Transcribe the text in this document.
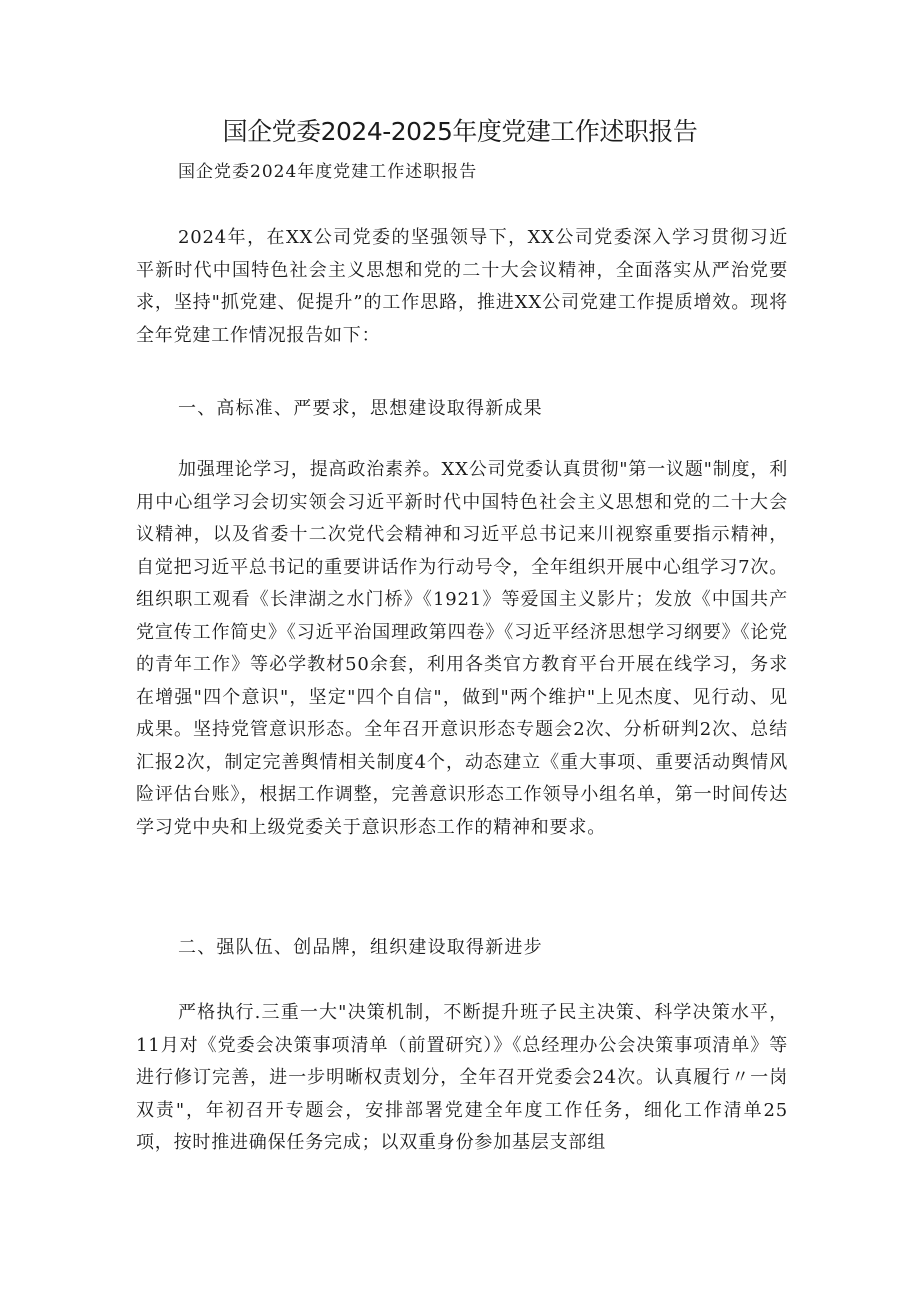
国企党委2024-2025年度党建工作述职报告

国企党委2024年度党建工作述职报告

2024年，在XX公司党委的坚强领导下，XX公司党委深入学习贯彻习近平新时代中国特色社会主义思想和党的二十大会议精神，全面落实从严治党要求，坚持"抓党建、促提升”的工作思路，推进XX公司党建工作提质增效。现将全年党建工作情况报告如下：

一、高标准、严要求，思想建设取得新成果

加强理论学习，提高政治素养。XX公司党委认真贯彻"第一议题"制度，利用中心组学习会切实领会习近平新时代中国特色社会主义思想和党的二十大会议精神，以及省委十二次党代会精神和习近平总书记来川视察重要指示精神，自觉把习近平总书记的重要讲话作为行动号令，全年组织开展中心组学习7次。组织职工观看《长津湖之水门桥》《1921》等爱国主义影片；发放《中国共产党宣传工作简史》《习近平治国理政第四卷》《习近平经济思想学习纲要》《论党的青年工作》等必学教材50余套，利用各类官方教育平台开展在线学习，务求在增强"四个意识"，坚定"四个自信"，做到"两个维护"上见杰度、见行动、见成果。坚持党管意识形态。全年召开意识形态专题会2次、分析研判2次、总结汇报2次，制定完善舆情相关制度4个，动态建立《重大事项、重要活动舆情风险评估台账》，根据工作调整，完善意识形态工作领导小组名单，第一时间传达学习党中央和上级党委关于意识形态工作的精神和要求。

二、强队伍、创品牌，组织建设取得新进步

严格执行.三重一大"决策机制，不断提升班子民主决策、科学决策水平，11月对《党委会决策事项清单（前置研究）》《总经理办公会决策事项清单》等进行修订完善，进一步明晰权责划分，全年召开党委会24次。认真履行〃一岗双责"，年初召开专题会，安排部署党建全年度工作任务，细化工作清单25项，按时推进确保任务完成；以双重身份参加基层支部组
